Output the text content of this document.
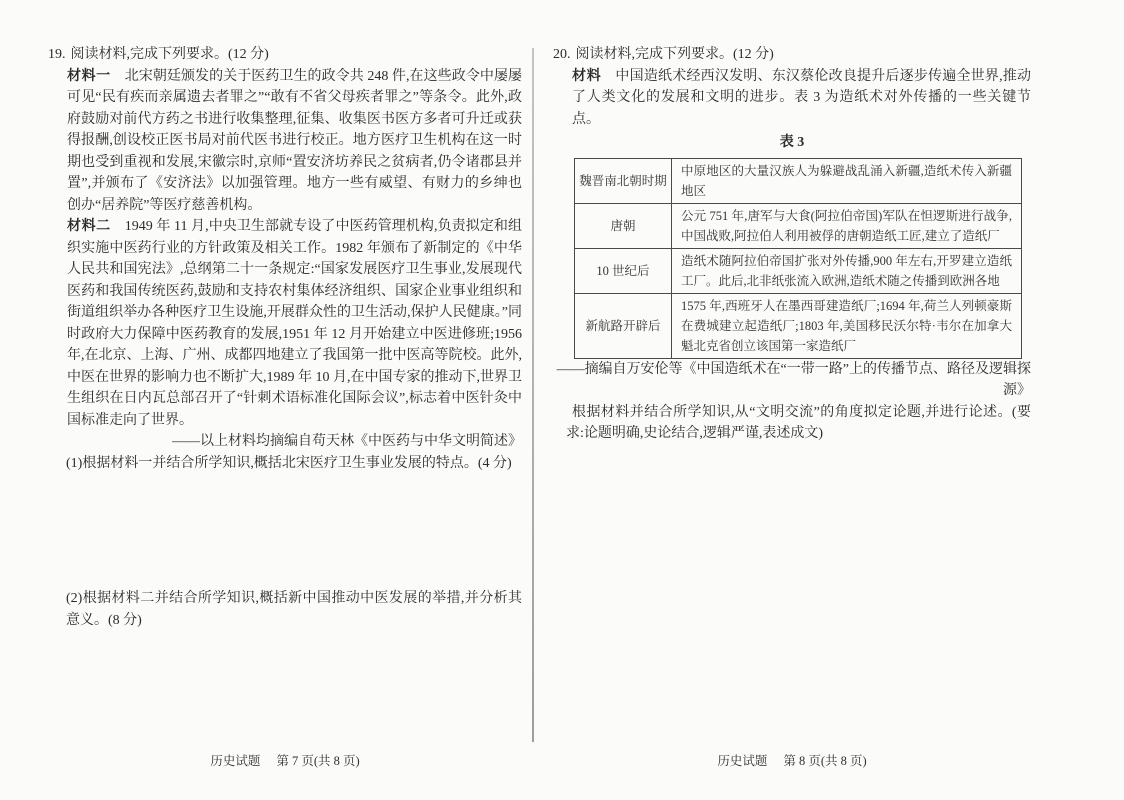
19. 阅读材料,完成下列要求。(12 分)

材料一 北宋朝廷颁发的关于医药卫生的政令共 248 件,在这些政令中屡屡可见“民有疾而亲属遗去者罪之”“敢有不省父母疾者罪之”等条令。此外,政府鼓励对前代方药之书进行收集整理,征集、收集医书医方多者可升迁或获得报酬,创设校正医书局对前代医书进行校正。地方医疗卫生机构在这一时期也受到重视和发展,宋徽宗时,京师“置安济坊养民之贫病者,仍令诸郡县并置”,并颁布了《安济法》以加强管理。地方一些有威望、有财力的乡绅也创办“居养院”等医疗慈善机构。

材料二 1949 年 11 月,中央卫生部就专设了中医药管理机构,负责拟定和组织实施中医药行业的方针政策及相关工作。1982 年颁布了新制定的《中华人民共和国宪法》,总纲第二十一条规定:“国家发展医疗卫生事业,发展现代医药和我国传统医药,鼓励和支持农村集体经济组织、国家企业事业组织和街道组织举办各种医疗卫生设施,开展群众性的卫生活动,保护人民健康。”同时政府大力保障中医药教育的发展,1951 年 12 月开始建立中医进修班;1956 年,在北京、上海、广州、成都四地建立了我国第一批中医高等院校。此外,中医在世界的影响力也不断扩大,1989 年 10 月,在中国专家的推动下,世界卫生组织在日内瓦总部召开了“针刺术语标准化国际会议”,标志着中医针灸中国标准走向了世界。

——以上材料均摘编自苟天林《中医药与中华文明简述》

(1)根据材料一并结合所学知识,概括北宋医疗卫生事业发展的特点。(4 分)

(2)根据材料二并结合所学知识,概括新中国推动中医发展的举措,并分析其意义。(8 分)

20. 阅读材料,完成下列要求。(12 分)

材料 中国造纸术经西汉发明、东汉蔡伦改良提升后逐步传遍全世界,推动了人类文化的发展和文明的进步。表 3 为造纸术对外传播的一些关键节点。

表 3

魏晋南北朝时期	中原地区的大量汉族人为躲避战乱涌入新疆,造纸术传入新疆地区
唐朝	公元 751 年,唐军与大食(阿拉伯帝国)军队在怛逻斯进行战争,中国战败,阿拉伯人利用被俘的唐朝造纸工匠,建立了造纸厂
10 世纪后	造纸术随阿拉伯帝国扩张对外传播,900 年左右,开罗建立造纸工厂。此后,北非纸张流入欧洲,造纸术随之传播到欧洲各地
新航路开辟后	1575 年,西班牙人在墨西哥建造纸厂;1694 年,荷兰人列顿豪斯在费城建立起造纸厂;1803 年,美国移民沃尔特·韦尔在加拿大魁北克省创立该国第一家造纸厂

——摘编自万安伦等《中国造纸术在“一带一路”上的传播节点、路径及逻辑探源》

根据材料并结合所学知识,从“文明交流”的角度拟定论题,并进行论述。(要求:论题明确,史论结合,逻辑严谨,表述成文)

历史试题 第 7 页(共 8 页)	历史试题 第 8 页(共 8 页)
